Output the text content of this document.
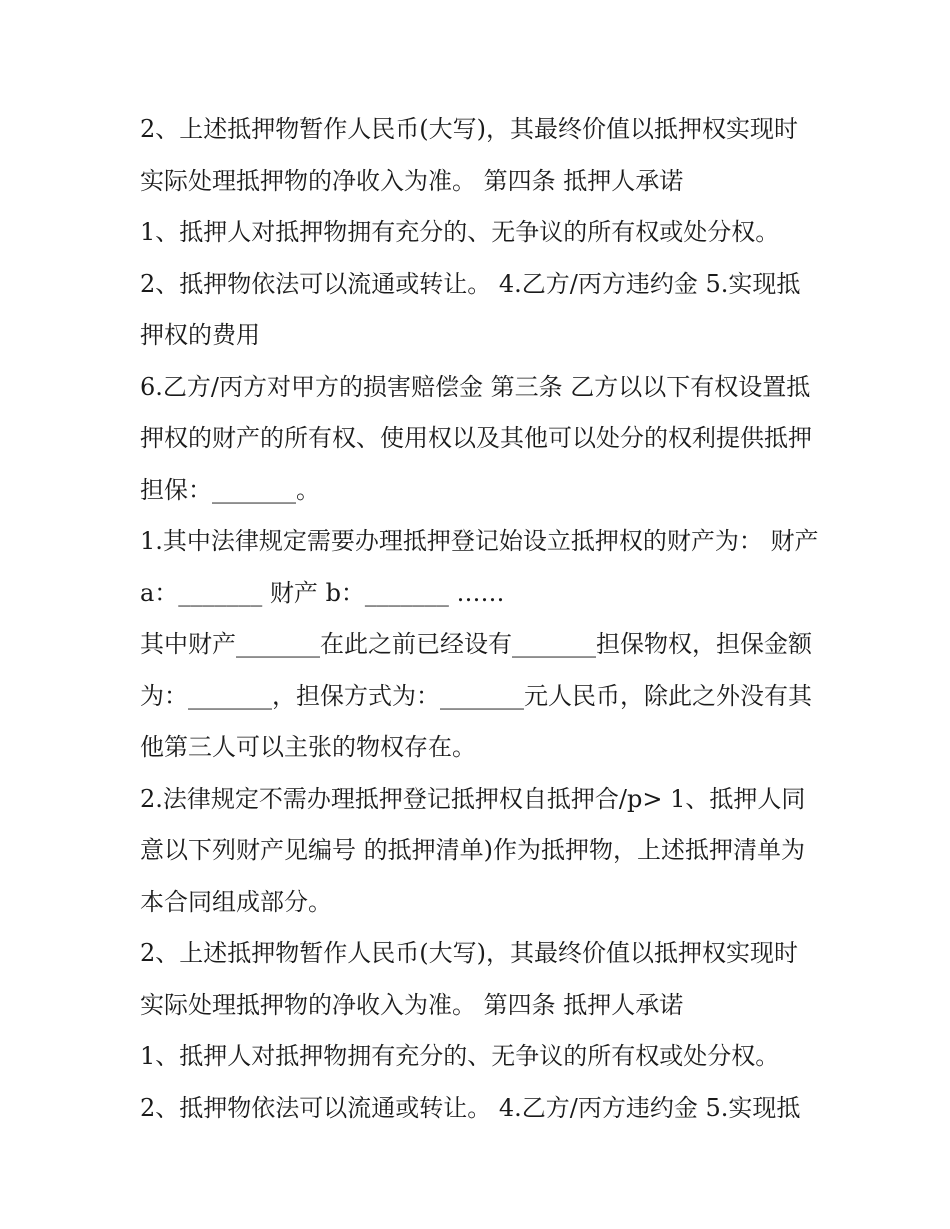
2、上述抵押物暂作人民币(大写)，其最终价值以抵押权实现时实际处理抵押物的净收入为准。 第四条 抵押人承诺

1、抵押人对抵押物拥有充分的、无争议的所有权或处分权。

2、抵押物依法可以流通或转让。 4.乙方/丙方违约金 5.实现抵押权的费用

6.乙方/丙方对甲方的损害赔偿金 第三条 乙方以以下有权设置抵押权的财产的所有权、使用权以及其他可以处分的权利提供抵押担保：_______。

1.其中法律规定需要办理抵押登记始设立抵押权的财产为： 财产 a：_______ 财产 b：_______ ……

其中财产_______在此之前已经设有_______担保物权，担保金额为：_______，担保方式为：_______元人民币，除此之外没有其他第三人可以主张的物权存在。

2.法律规定不需办理抵押登记抵押权自抵押合/p> 1、抵押人同意以下列财产见编号 的抵押清单)作为抵押物，上述抵押清单为本合同组成部分。

2、上述抵押物暂作人民币(大写)，其最终价值以抵押权实现时实际处理抵押物的净收入为准。 第四条 抵押人承诺

1、抵押人对抵押物拥有充分的、无争议的所有权或处分权。

2、抵押物依法可以流通或转让。 4.乙方/丙方违约金 5.实现抵
